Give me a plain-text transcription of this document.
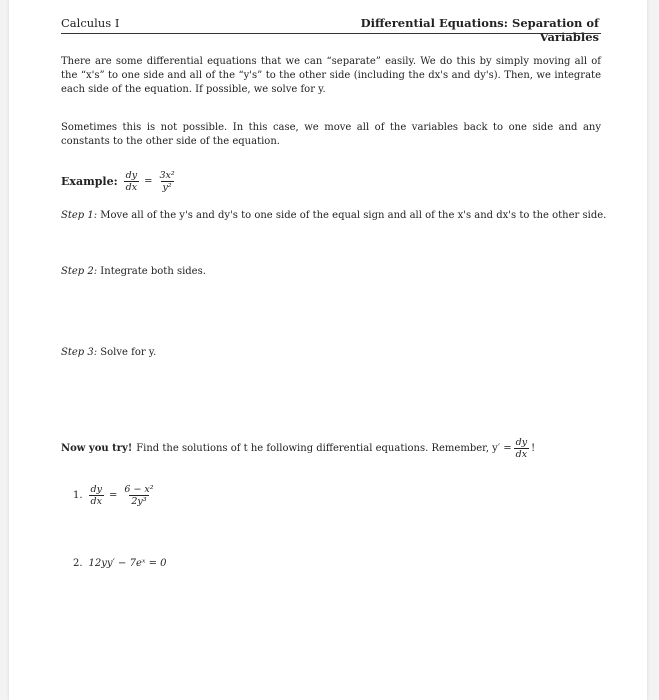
Calculus I	Differential Equations: Separation of Variables
There are some differential equations that we can “separate” easily. We do this by simply moving all of the “x's” to one side and all of the “y's” to the other side (including the dx's and dy's). Then, we integrate each side of the equation. If possible, we solve for y.
Sometimes this is not possible. In this case, we move all of the variables back to one side and any constants to the other side of the equation.
Example: $\frac{dy}{dx} = \frac{\text{3x²}}{\text{y²}}$
Step 1: Move all of the y's and dy's to one side of the equal sign and all of the x's and dx's to the other side.
Step 2: Integrate both sides.
Step 3: Solve for y.
Now you try! Find the solutions of t he following differential equations. Remember, $y' = \frac{dy}{dx}$ !
1. $\frac{dy}{dx} = \frac{\text{6 − x²}}{\text{2y³}}$
2. 12yy′ − 7eˣ = 0
